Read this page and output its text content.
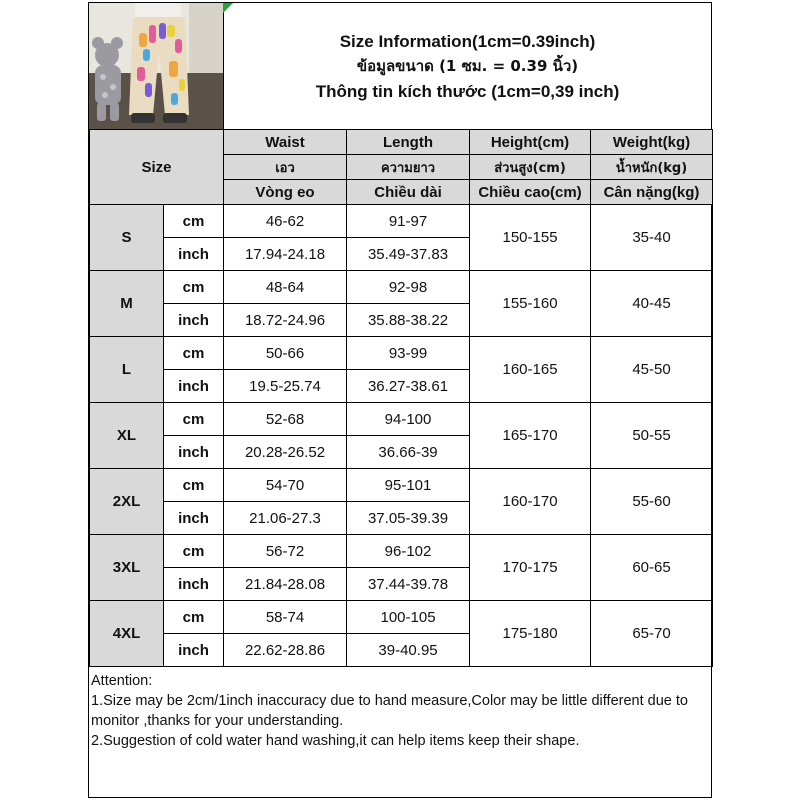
Size Information(1cm=0.39inch)
ข้อมูลขนาด (1 ซม. = 0.39 นิ้ว)
Thông tin kích thước (1cm=0,39 inch)
Size		Waist	Length	Height(cm)	Weight(kg)
		เอว	ความยาว	ส่วนสูง(cm)	น้ำหนัก(kg)
		Vòng eo	Chiều dài	Chiều cao(cm)	Cân nặng(kg)
S	cm	46-62	91-97	150-155	35-40
	inch	17.94-24.18	35.49-37.83		
M	cm	48-64	92-98	155-160	40-45
	inch	18.72-24.96	35.88-38.22		
L	cm	50-66	93-99	160-165	45-50
	inch	19.5-25.74	36.27-38.61		
XL	cm	52-68	94-100	165-170	50-55
	inch	20.28-26.52	36.66-39		
2XL	cm	54-70	95-101	160-170	55-60
	inch	21.06-27.3	37.05-39.39		
3XL	cm	56-72	96-102	170-175	60-65
	inch	21.84-28.08	37.44-39.78		
4XL	cm	58-74	100-105	175-180	65-70
	inch	22.62-28.86	39-40.95		
Attention:
1.Size may be 2cm/1inch inaccuracy due to hand measure,Color may be little different due to monitor ,thanks for your understanding.
2.Suggestion of cold water hand washing,it can help items keep their shape.
